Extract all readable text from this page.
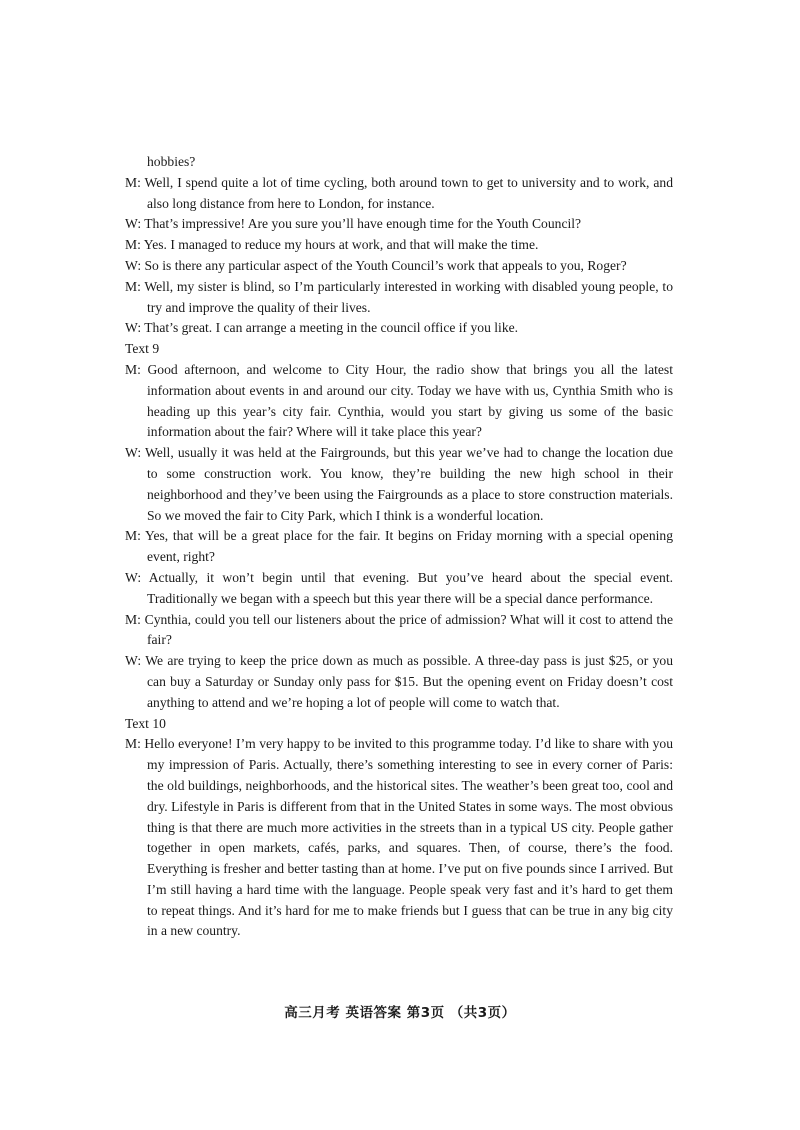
hobbies?

M: Well, I spend quite a lot of time cycling, both around town to get to university and to work, and also long distance from here to London, for instance.

W: That’s impressive! Are you sure you’ll have enough time for the Youth Council?

M: Yes. I managed to reduce my hours at work, and that will make the time.

W: So is there any particular aspect of the Youth Council’s work that appeals to you, Roger?

M: Well, my sister is blind, so I’m particularly interested in working with disabled young people, to try and improve the quality of their lives.

W: That’s great. I can arrange a meeting in the council office if you like.

Text 9

M: Good afternoon, and welcome to City Hour, the radio show that brings you all the latest information about events in and around our city. Today we have with us, Cynthia Smith who is heading up this year’s city fair. Cynthia, would you start by giving us some of the basic information about the fair? Where will it take place this year?

W: Well, usually it was held at the Fairgrounds, but this year we’ve had to change the location due to some construction work. You know, they’re building the new high school in their neighborhood and they’ve been using the Fairgrounds as a place to store construction materials. So we moved the fair to City Park, which I think is a wonderful location.

M: Yes, that will be a great place for the fair. It begins on Friday morning with a special opening event, right?

W: Actually, it won’t begin until that evening. But you’ve heard about the special event. Traditionally we began with a speech but this year there will be a special dance performance.

M: Cynthia, could you tell our listeners about the price of admission? What will it cost to attend the fair?

W: We are trying to keep the price down as much as possible. A three-day pass is just $25, or you can buy a Saturday or Sunday only pass for $15. But the opening event on Friday doesn’t cost anything to attend and we’re hoping a lot of people will come to watch that.

Text 10

M: Hello everyone! I’m very happy to be invited to this programme today. I’d like to share with you my impression of Paris. Actually, there’s something interesting to see in every corner of Paris: the old buildings, neighborhoods, and the historical sites. The weather’s been great too, cool and dry. Lifestyle in Paris is different from that in the United States in some ways. The most obvious thing is that there are much more activities in the streets than in a typical US city. People gather together in open markets, cafés, parks, and squares. Then, of course, there’s the food. Everything is fresher and better tasting than at home. I’ve put on five pounds since I arrived. But I’m still having a hard time with the language. People speak very fast and it’s hard to get them to repeat things. And it’s hard for me to make friends but I guess that can be true in any big city in a new country.

高三月考 英语答案 第3页 （共3页）
